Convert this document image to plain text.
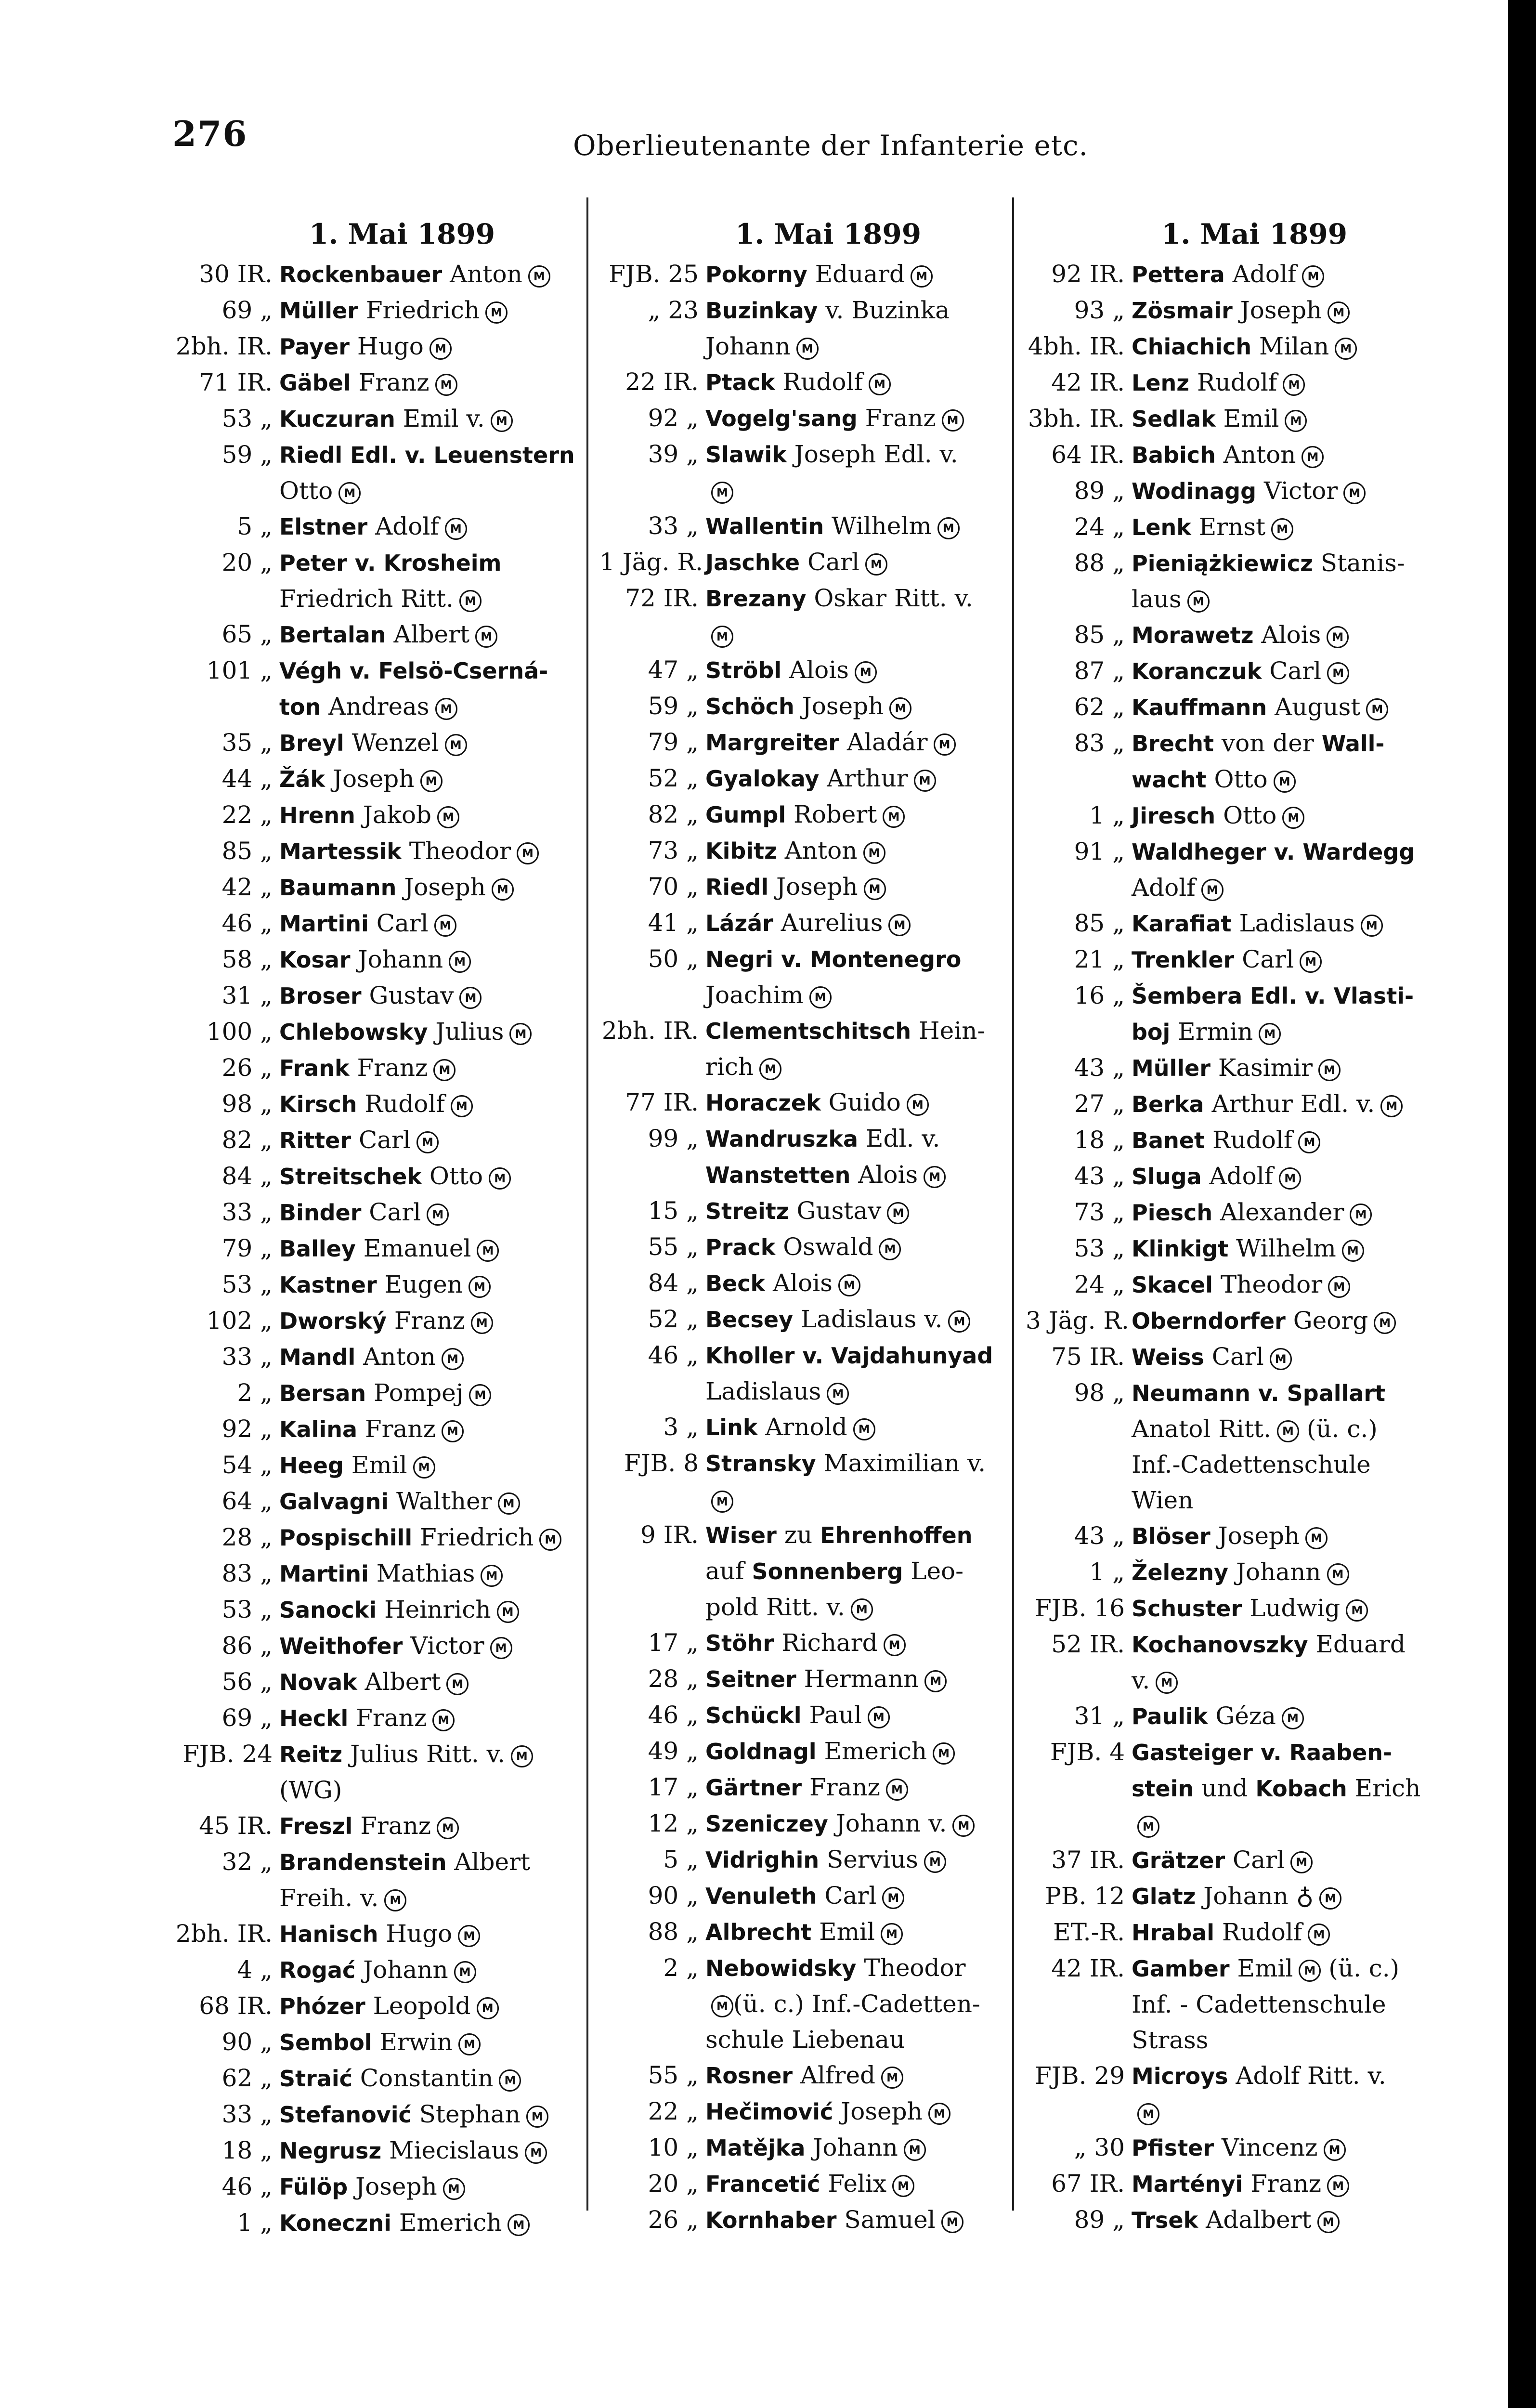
276	Oberlieutenante der Infanterie etc.
1. Mai 1899
30 IR. Rockenbauer Anton M
69 „ Müller Friedrich M
2bh. IR. Payer Hugo M
71 IR. Gäbel Franz M
53 „ Kuczuran Emil v. M
59 „ Riedl Edl. v. Leuenstern
Otto M
5 „ Elstner Adolf M
20 „ Peter v. Krosheim
Friedrich Ritt. M
65 „ Bertalan Albert M
101 „ Végh v. Felsö-Cserná-
ton Andreas M
35 „ Breyl Wenzel M
44 „ Žák Joseph M
22 „ Hrenn Jakob M
85 „ Martessik Theodor M
42 „ Baumann Joseph M
46 „ Martini Carl M
58 „ Kosar Johann M
31 „ Broser Gustav M
100 „ Chlebowsky Julius M
26 „ Frank Franz M
98 „ Kirsch Rudolf M
82 „ Ritter Carl M
84 „ Streitschek Otto M
33 „ Binder Carl M
79 „ Balley Emanuel M
53 „ Kastner Eugen M
102 „ Dworský Franz M
33 „ Mandl Anton M
2 „ Bersan Pompej M
92 „ Kalina Franz M
54 „ Heeg Emil M
64 „ Galvagni Walther M
28 „ Pospischill Friedrich M
83 „ Martini Mathias M
53 „ Sanocki Heinrich M
86 „ Weithofer Victor M
56 „ Novak Albert M
69 „ Heckl Franz M
FJB. 24 Reitz Julius Ritt. v. M
(WG)
45 IR. Freszl Franz M
32 „ Brandenstein Albert
Freih. v. M
2bh. IR. Hanisch Hugo M
4 „ Rogać Johann M
68 IR. Phózer Leopold M
90 „ Sembol Erwin M
62 „ Straić Constantin M
33 „ Stefanović Stephan M
18 „ Negrusz Miecislaus M
46 „ Fülöp Joseph M
1 „ Koneczni Emerich M
1. Mai 1899
FJB. 25 Pokorny Eduard M
„ 23 Buzinkay v. Buzinka
Johann M
22 IR. Ptack Rudolf M
92 „ Vogelg'sang Franz M
39 „ Slawik Joseph Edl. v.
M
33 „ Wallentin Wilhelm M
1 Jäg. R. Jaschke Carl M
72 IR. Brezany Oskar Ritt. v.
M
47 „ Ströbl Alois M
59 „ Schöch Joseph M
79 „ Margreiter Aladár M
52 „ Gyalokay Arthur M
82 „ Gumpl Robert M
73 „ Kibitz Anton M
70 „ Riedl Joseph M
41 „ Lázár Aurelius M
50 „ Negri v. Montenegro
Joachim M
2bh. IR. Clementschitsch Hein-
rich M
77 IR. Horaczek Guido M
99 „ Wandruszka Edl. v.
Wanstetten Alois M
15 „ Streitz Gustav M
55 „ Prack Oswald M
84 „ Beck Alois M
52 „ Becsey Ladislaus v. M
46 „ Kholler v. Vajdahunyad
Ladislaus M
3 „ Link Arnold M
FJB. 8 Stransky Maximilian v.
M
9 IR. Wiser zu Ehrenhoffen
auf Sonnenberg Leo-
pold Ritt. v. M
17 „ Stöhr Richard M
28 „ Seitner Hermann M
46 „ Schückl Paul M
49 „ Goldnagl Emerich M
17 „ Gärtner Franz M
12 „ Szeniczey Johann v. M
5 „ Vidrighin Servius M
90 „ Venuleth Carl M
88 „ Albrecht Emil M
2 „ Nebowidsky Theodor
M (ü. c.) Inf.-Cadetten-
schule Liebenau
55 „ Rosner Alfred M
22 „ Hečimović Joseph M
10 „ Matějka Johann M
20 „ Francetić Felix M
26 „ Kornhaber Samuel M
1. Mai 1899
92 IR. Pettera Adolf M
93 „ Zösmair Joseph M
4bh. IR. Chiachich Milan M
42 IR. Lenz Rudolf M
3bh. IR. Sedlak Emil M
64 IR. Babich Anton M
89 „ Wodinagg Victor M
24 „ Lenk Ernst M
88 „ Pieniążkiewicz Stanis-
laus M
85 „ Morawetz Alois M
87 „ Koranczuk Carl M
62 „ Kauffmann August M
83 „ Brecht von der Wall-
wacht Otto M
1 „ Jiresch Otto M
91 „ Waldheger v. Wardegg
Adolf M
85 „ Karafiat Ladislaus M
21 „ Trenkler Carl M
16 „ Šembera Edl. v. Vlasti-
boj Ermin M
43 „ Müller Kasimir M
27 „ Berka Arthur Edl. v. M
18 „ Banet Rudolf M
43 „ Sluga Adolf M
73 „ Piesch Alexander M
53 „ Klinkigt Wilhelm M
24 „ Skacel Theodor M
3 Jäg. R. Oberndorfer Georg M
75 IR. Weiss Carl M
98 „ Neumann v. Spallart
Anatol Ritt. M (ü. c.)
Inf.-Cadettenschule
Wien
43 „ Blöser Joseph M
1 „ Železny Johann M
FJB. 16 Schuster Ludwig M
52 IR. Kochanovszky Eduard
v. M
31 „ Paulik Géza M
FJB. 4 Gasteiger v. Raaben-
stein und Kobach Erich
M
37 IR. Grätzer Carl M
PB. 12 Glatz Johann ♁ M
ET.-R. Hrabal Rudolf M
42 IR. Gamber Emil M (ü. c.)
Inf. - Cadettenschule
Strass
FJB. 29 Microys Adolf Ritt. v.
M
„ 30 Pfister Vincenz M
67 IR. Martényi Franz M
89 „ Trsek Adalbert M
